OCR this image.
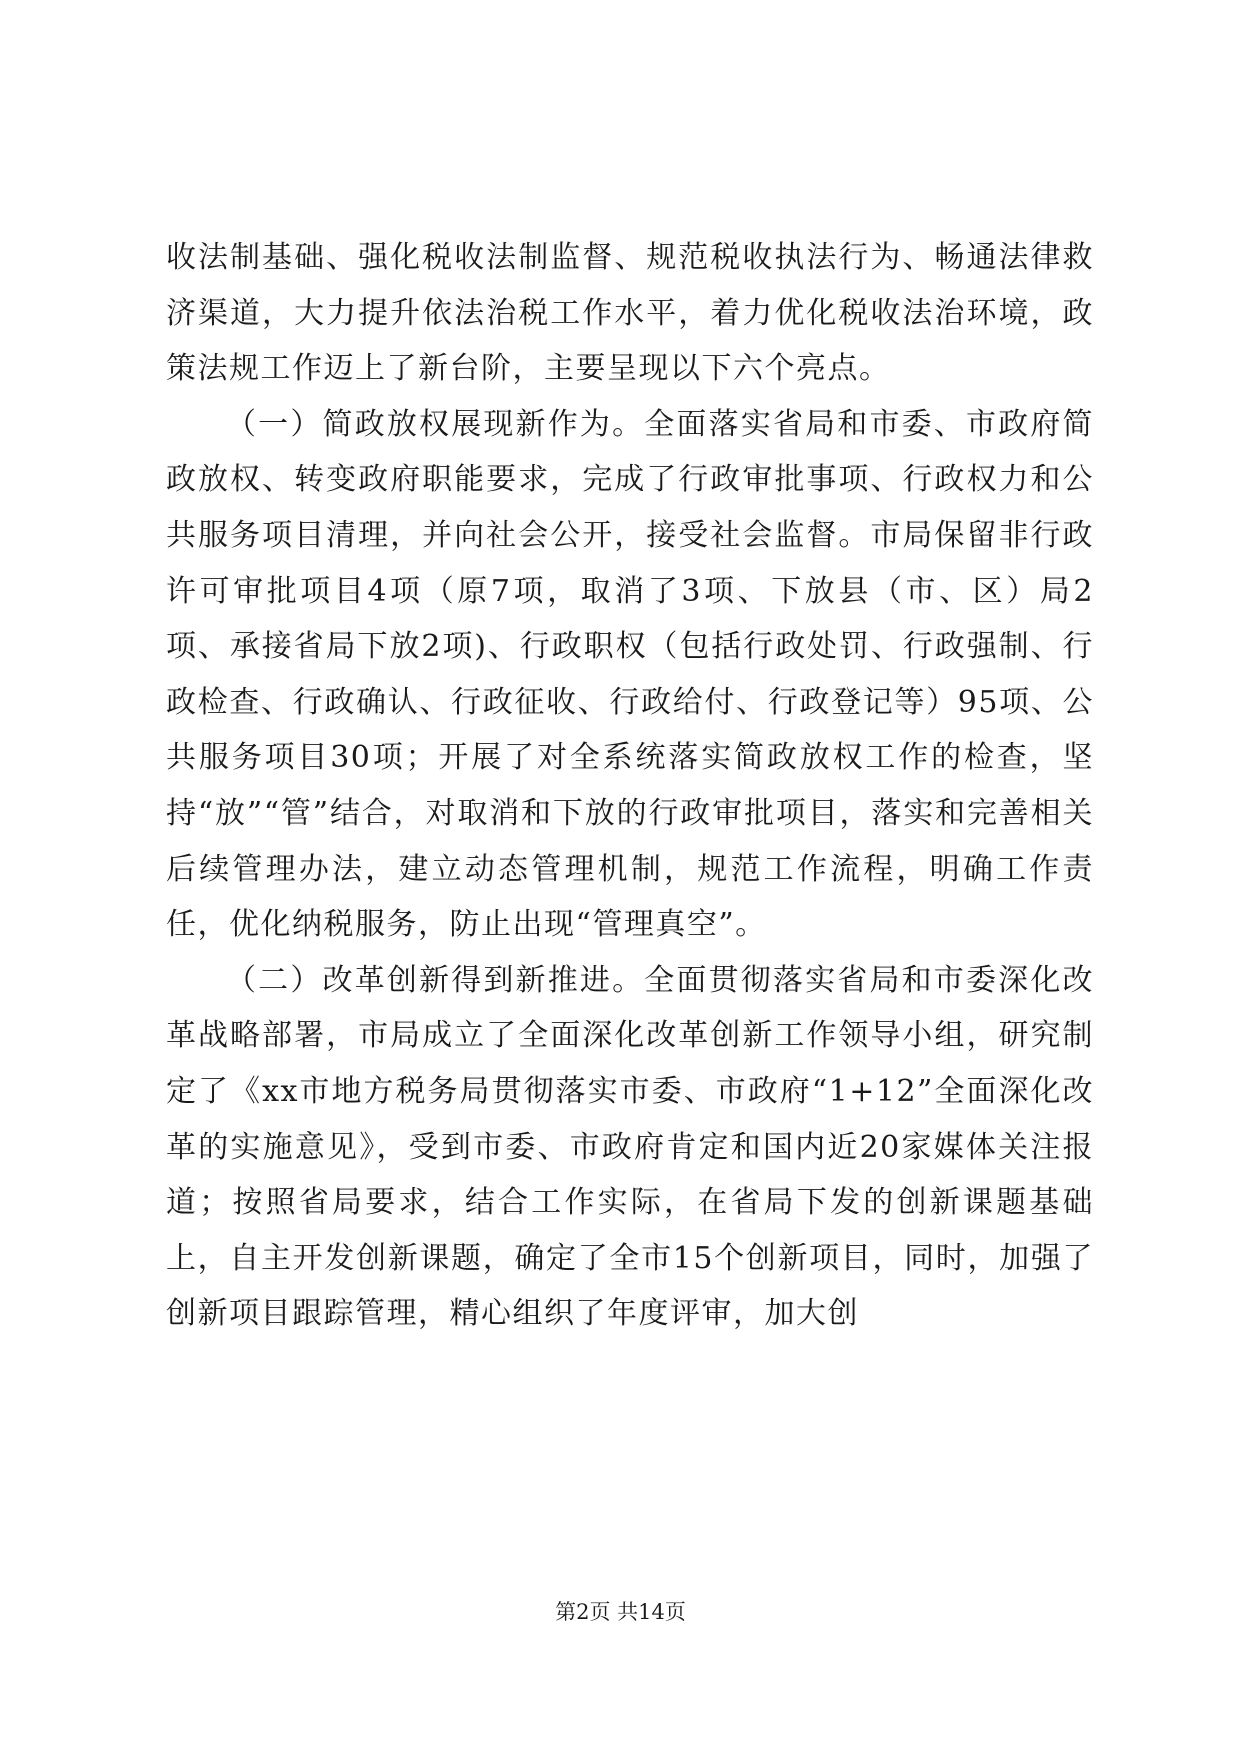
收法制基础、强化税收法制监督、规范税收执法行为、畅通法律救济渠道，大力提升依法治税工作水平，着力优化税收法治环境，政策法规工作迈上了新台阶，主要呈现以下六个亮点。

（一）简政放权展现新作为。全面落实省局和市委、市政府简政放权、转变政府职能要求，完成了行政审批事项、行政权力和公共服务项目清理，并向社会公开，接受社会监督。市局保留非行政许可审批项目4项（原7项，取消了3项、下放县（市、区）局2项、承接省局下放2项)、行政职权（包括行政处罚、行政强制、行政检查、行政确认、行政征收、行政给付、行政登记等）95项、公共服务项目30项；开展了对全系统落实简政放权工作的检查，坚持“放”“管”结合，对取消和下放的行政审批项目，落实和完善相关后续管理办法，建立动态管理机制，规范工作流程，明确工作责任，优化纳税服务，防止出现“管理真空”。

（二）改革创新得到新推进。全面贯彻落实省局和市委深化改革战略部署，市局成立了全面深化改革创新工作领导小组，研究制定了《xx市地方税务局贯彻落实市委、市政府“1+12”全面深化改革的实施意见》，受到市委、市政府肯定和国内近20家媒体关注报道；按照省局要求，结合工作实际，在省局下发的创新课题基础上，自主开发创新课题，确定了全市15个创新项目，同时，加强了创新项目跟踪管理，精心组织了年度评审，加大创

第2页 共14页
